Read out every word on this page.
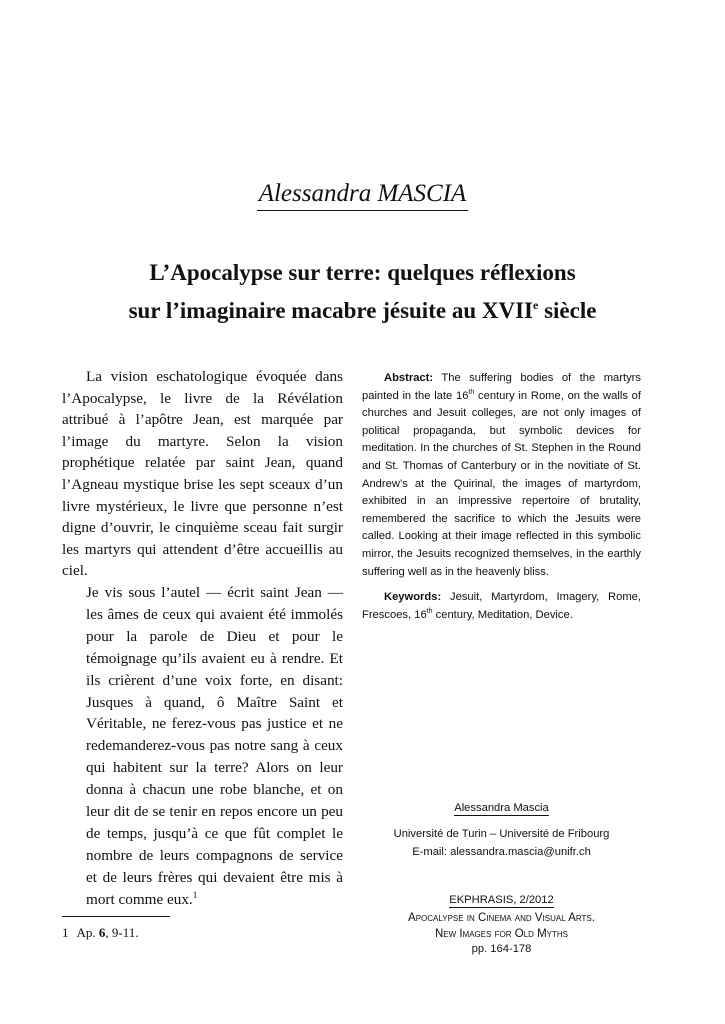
Alessandra MASCIA
L’Apocalypse sur terre: quelques réflexions
sur l’imaginaire macabre jésuite au XVIIe siècle

La vision eschatologique évoquée dans l’Apocalypse, le livre de la Révélation attribué à l’apôtre Jean, est marquée par l’image du martyre. Selon la vision prophétique relatée par saint Jean, quand l’Agneau mystique brise les sept sceaux d’un livre mystérieux, le livre que personne n’est digne d’ouvrir, le cinquième sceau fait surgir les martyrs qui attendent d’être accueillis au ciel.

Je vis sous l’autel — écrit saint Jean — les âmes de ceux qui avaient été immolés pour la parole de Dieu et pour le témoignage qu’ils avaient eu à rendre. Et ils crièrent d’une voix forte, en disant: Jusques à quand, ô Maître Saint et Véritable, ne ferez-vous pas justice et ne redemanderez-vous pas notre sang à ceux qui habitent sur la terre? Alors on leur donna à chacun une robe blanche, et on leur dit de se tenir en repos encore un peu de temps, jusqu’à ce que fût complet le nombre de leurs compagnons de service et de leurs frères qui devaient être mis à mort comme eux.$^1$
1 Ap. 6, 9-11.

Abstract: The suffering bodies of the martyrs painted in the late 16th century in Rome, on the walls of churches and Jesuit colleges, are not only images of political propaganda, but symbolic devices for meditation. In the churches of St. Stephen in the Round and St. Thomas of Canterbury or in the novitiate of St. Andrew’s at the Quirinal, the images of martyrdom, exhibited in an impressive repertoire of brutality, remembered the sacrifice to which the Jesuits were called. Looking at their image reflected in this symbolic mirror, the Jesuits recognized themselves, in the earthly suffering well as in the heavenly bliss.

Keywords: Jesuit, Martyrdom, Imagery, Rome, Frescoes, 16th century, Meditation, Device.

Alessandra Mascia
Université de Turin – Université de Fribourg
E-mail: alessandra.mascia@unifr.ch
EKPHRASIS, 2/2012
Apocalypse in Cinema and Visual Arts.
New Images for Old Myths
pp. 164-178
